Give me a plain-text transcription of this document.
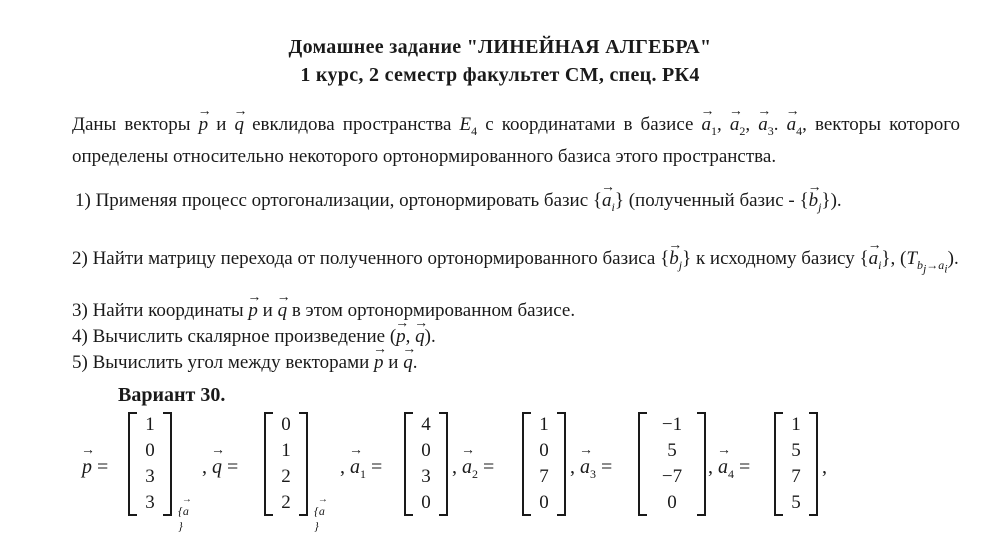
Домашнее задание "ЛИНЕЙНАЯ АЛГЕБРА"
1 курс, 2 семестр факультет СМ, спец. РК4
Даны векторы → p и → q евклидова пространства $E_4$ с координатами в базисе → $a_1$, → $a_2$, → $a_3$. → $a_4$, векторы которого определены относительно некоторого ортонормированного базиса этого пространства.
1) Применяя процесс ортогонализации, ортонормировать базис {→ $a_i$} (полученный базис - {→ $b_j$}).
2) Найти матрицу перехода от полученного ортонормированного базиса {→ $b_j$} к исходному базису {→ $a_i$}, $(T_{b_j\to a_i})$.
3) Найти координаты → p и → q в этом ортонормированном базисе.
4) Вычислить скалярное произведение (→ p, → q).
5) Вычислить угол между векторами → p и → q.
Вариант 30.
→ p =
1
0
3
3	{→ a}
, → q =
0
1
2
2	{→ a}
, → $a_1$ =
4
0
3
0
, → $a_2$ =
1
0
7
0
, → $a_3$ =
−1
5
−7
0
, → $a_4$ =
1
5
7
5
,
